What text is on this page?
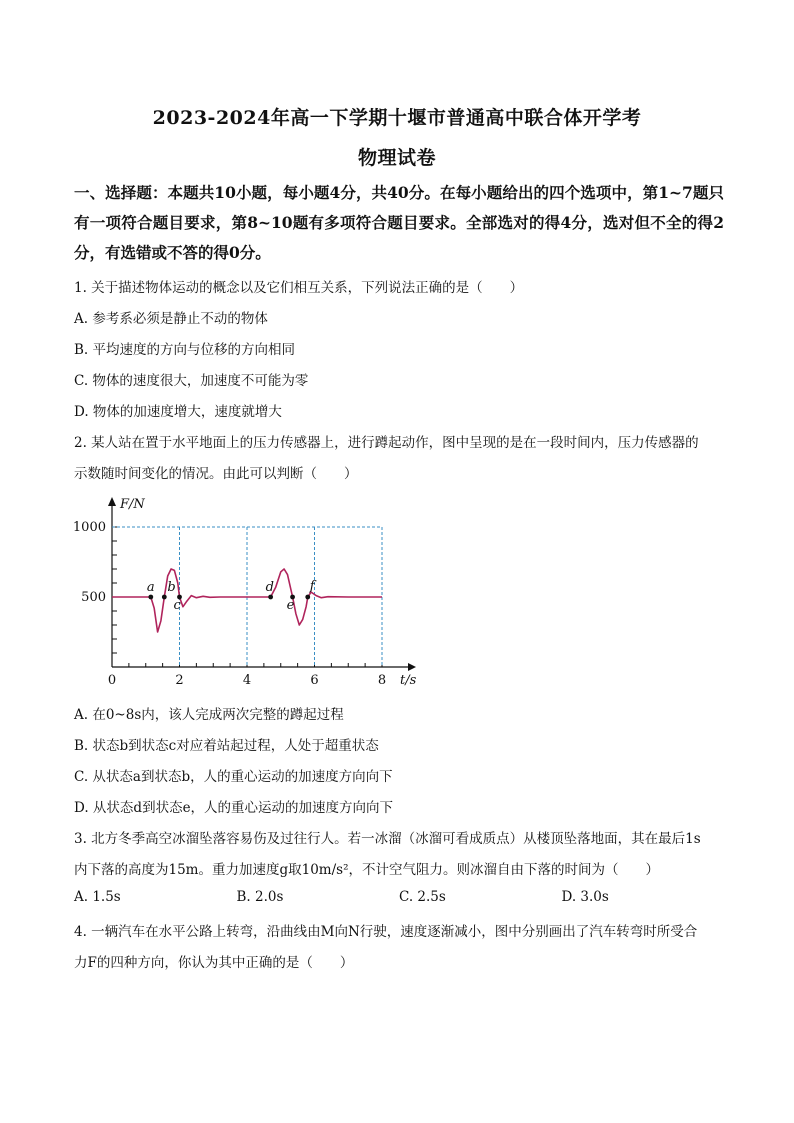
2023-2024年高一下学期十堰市普通高中联合体开学考
物理试卷
一、选择题：本题共10小题，每小题4分，共40分。在每小题给出的四个选项中，第1~7题只有一项符合题目要求，第8~10题有多项符合题目要求。全部选对的得4分，选对但不全的得2分，有选错或不答的得0分。
1. 关于描述物体运动的概念以及它们相互关系，下列说法正确的是（　　）
A. 参考系必须是静止不动的物体
B. 平均速度的方向与位移的方向相同
C. 物体的速度很大，加速度不可能为零
D. 物体的加速度增大，速度就增大
2. 某人站在置于水平地面上的压力传感器上，进行蹲起动作，图中呈现的是在一段时间内，压力传感器的
示数随时间变化的情况。由此可以判断（　　）
a b
c
d
e
f
0	2	4	6	8
500
1000
F/N
t/s
A. 在0~8s内，该人完成两次完整的蹲起过程
B. 状态b到状态c对应着站起过程，人处于超重状态
C. 从状态a到状态b，人的重心运动的加速度方向向下
D. 从状态d到状态e，人的重心运动的加速度方向向下
3. 北方冬季高空冰溜坠落容易伤及过往行人。若一冰溜（冰溜可看成质点）从楼顶坠落地面，其在最后1s
内下落的高度为15m。重力加速度g取10m/s²，不计空气阻力。则冰溜自由下落的时间为（　　）
A. 1.5s	B. 2.0s	C. 2.5s	D. 3.0s
4. 一辆汽车在水平公路上转弯，沿曲线由M向N行驶，速度逐渐减小，图中分别画出了汽车转弯时所受合
力F的四种方向，你认为其中正确的是（　　）
